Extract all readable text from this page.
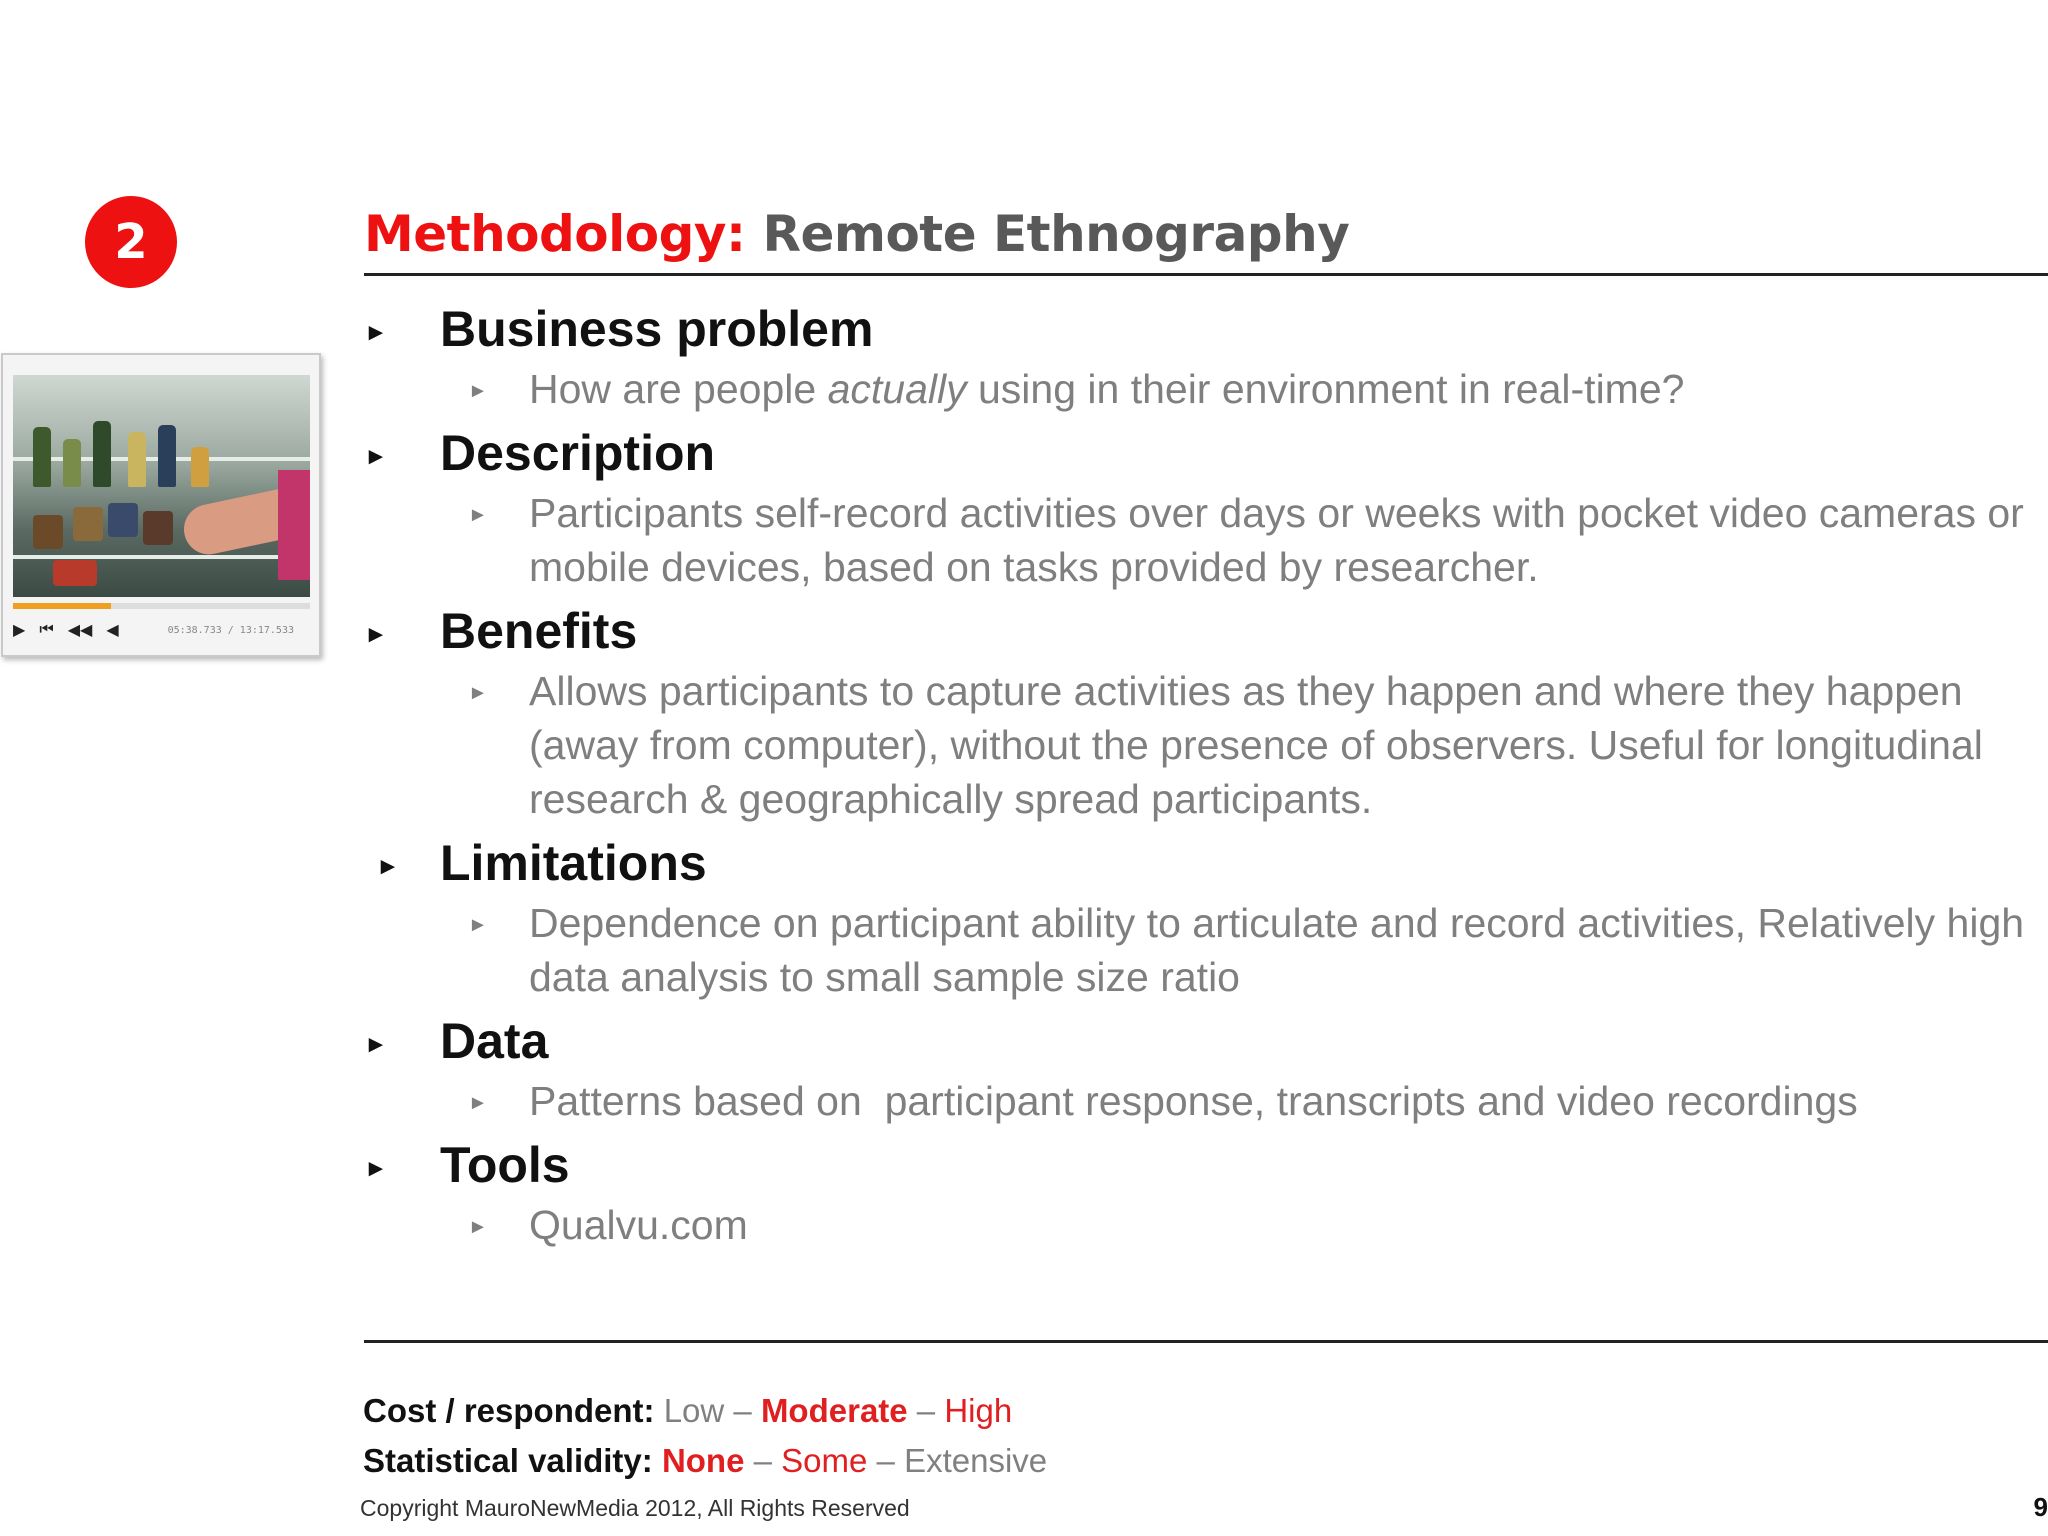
2	Methodology: Remote Ethnography
▶ ⏮ ◀◀ ◀	05:38.733 / 13:17.533
► Business problem
► How are people actually using in their environment in real-time?
► Description
► Participants self-record activities over days or weeks with pocket video cameras or mobile devices, based on tasks provided by researcher.
► Benefits
► Allows participants to capture activities as they happen and where they happen (away from computer), without the presence of observers. Useful for longitudinal research & geographically spread participants.
► Limitations
► Dependence on participant ability to articulate and record activities, Relatively high data analysis to small sample size ratio
► Data
► Patterns based on  participant response, transcripts and video recordings
► Tools
► Qualvu.com
Cost / respondent: Low – Moderate – High
Statistical validity: None – Some – Extensive
Copyright MauroNewMedia 2012, All Rights Reserved	9
